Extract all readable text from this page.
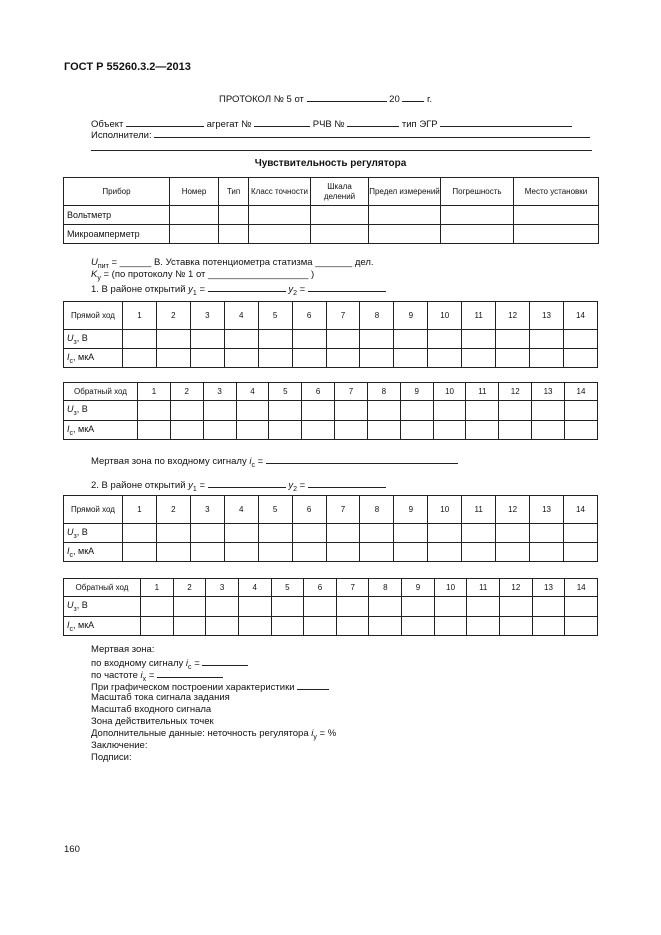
ГОСТ Р 55260.3.2—2013
ПРОТОКОЛ № 5 от	20	г.
Объект	агрегат №	РЧВ №	тип ЭГР
Исполнители:
Чувствительность регулятора
Прибор	Номер	Тип	Класс точности	Шкала делений	Предел измерений	Погрешность	Место установки
Вольтметр							
Микроамперметр							
$U_{пит}$ = ______ В. Уставка потенциометра статизма _______ дел.
$K_у = (по$ протоколу № 1 от ___________________ )
1. В районе открытий $y_1$ =	$y_2$ =
Прямой ход	1	2	3	4	5	6	7	8	9	10	11	12	13	14
$U_з$, В														
$I_с$, мкА														
Обратный ход	1	2	3	4	5	6	7	8	9	10	11	12	13	14
$U_з$, В														
$I_с$, мкА														
Мертвая зона по входному сигналу $i_с$ =
2. В районе открытий $y_1$ =	$y_2$ =
Прямой ход	1	2	3	4	5	6	7	8	9	10	11	12	13	14
$U_з$, В														
$I_с$, мкА														
Обратный ход	1	2	3	4	5	6	7	8	9	10	11	12	13	14
$U_з$, В														
$I_с$, мкА														
Мертвая зона:
по входному сигналу $i_с$ =
по частоте $i_х$ =
При графическом построении характеристики
Масштаб тока сигнала задания
Масштаб входного сигнала
Зона действительных точек
Дополнительные данные: неточность регулятора $i_у$ = %
Заключение:
Подписи:
160
